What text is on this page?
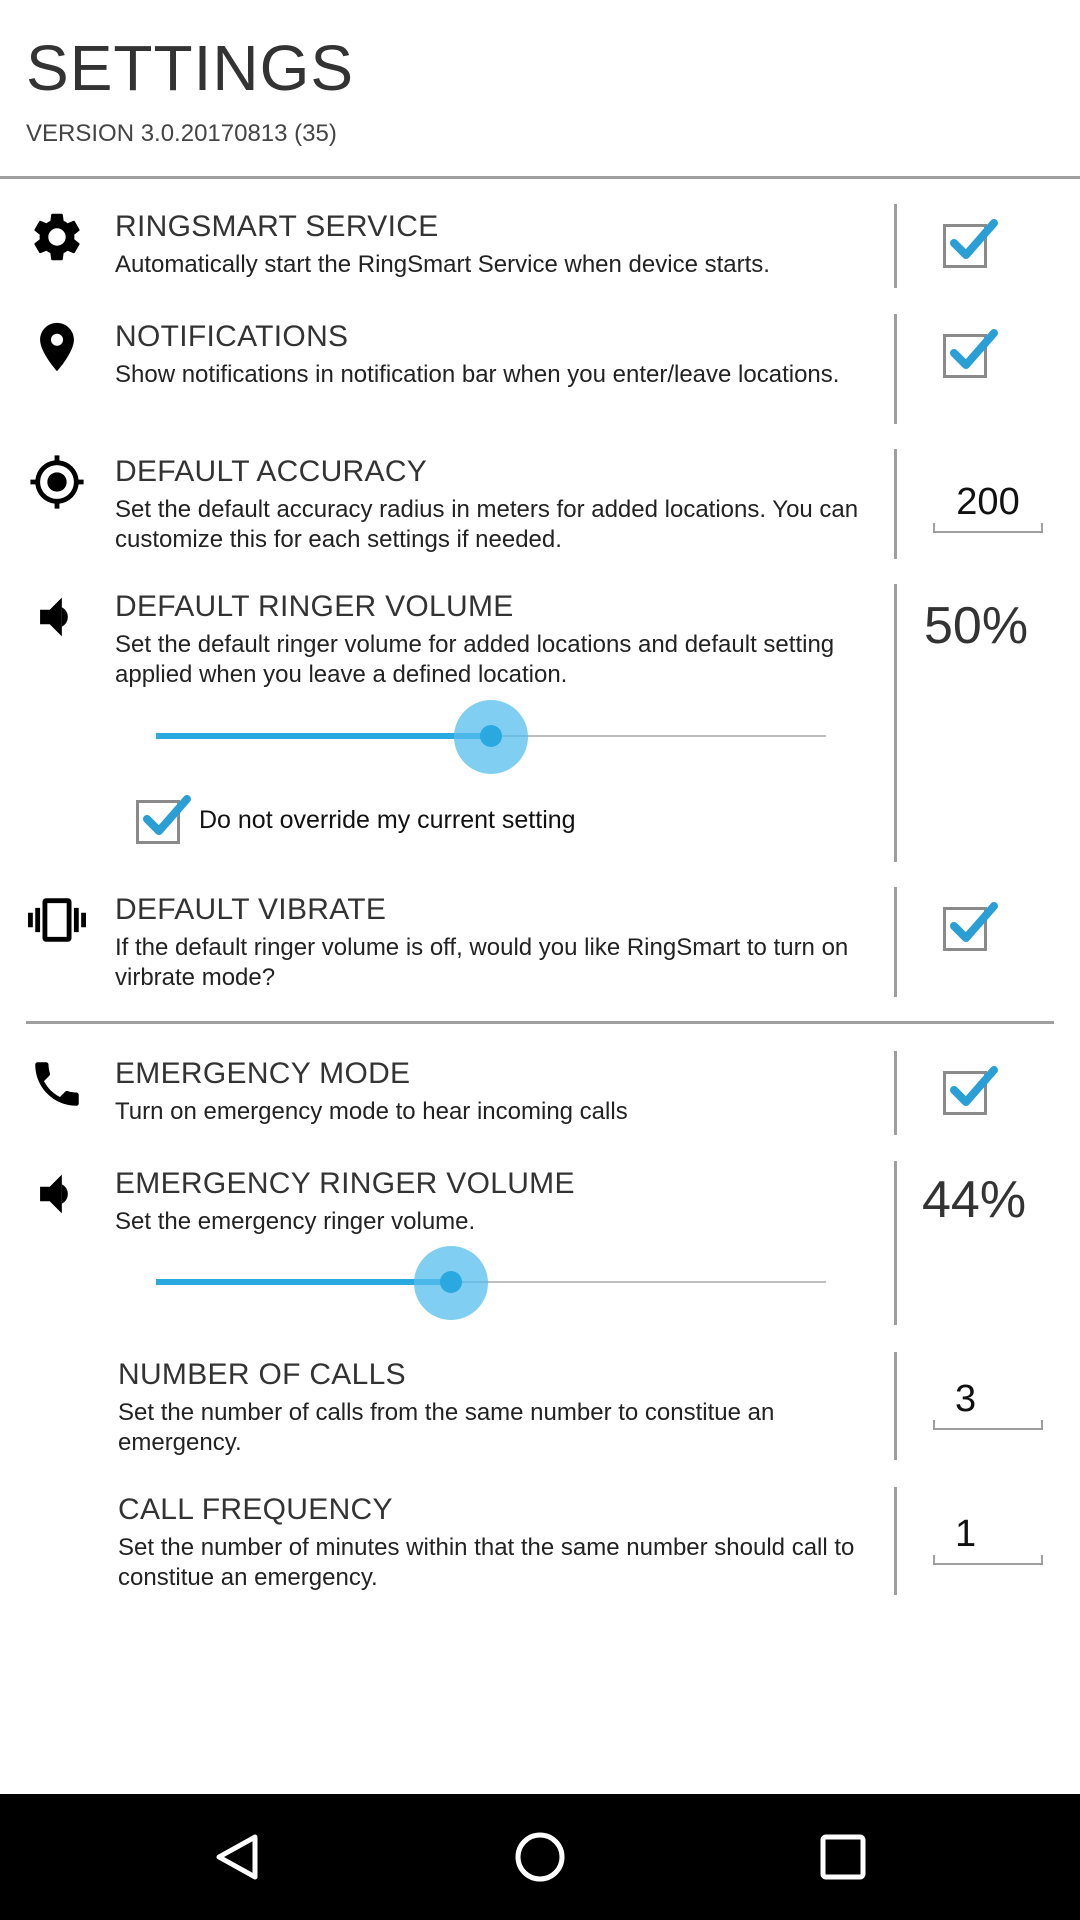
SETTINGS
VERSION 3.0.20170813 (35)
RINGSMART SERVICE
Automatically start the RingSmart Service when device starts.
NOTIFICATIONS
Show notifications in notification bar when you enter/leave locations.
DEFAULT ACCURACY
Set the default accuracy radius in meters for added locations. You can customize this for each settings if needed.
200
DEFAULT RINGER VOLUME
Set the default ringer volume for added locations and default setting applied when you leave a defined location.
50%
Do not override my current setting
DEFAULT VIBRATE
If the default ringer volume is off, would you like RingSmart to turn on virbrate mode?
EMERGENCY MODE
Turn on emergency mode to hear incoming calls
EMERGENCY RINGER VOLUME
Set the emergency ringer volume.	44%
NUMBER OF CALLS
Set the number of calls from the same number to constitue an emergency.
3
CALL FREQUENCY
Set the number of minutes within that the same number should call to constitue an emergency.
1
